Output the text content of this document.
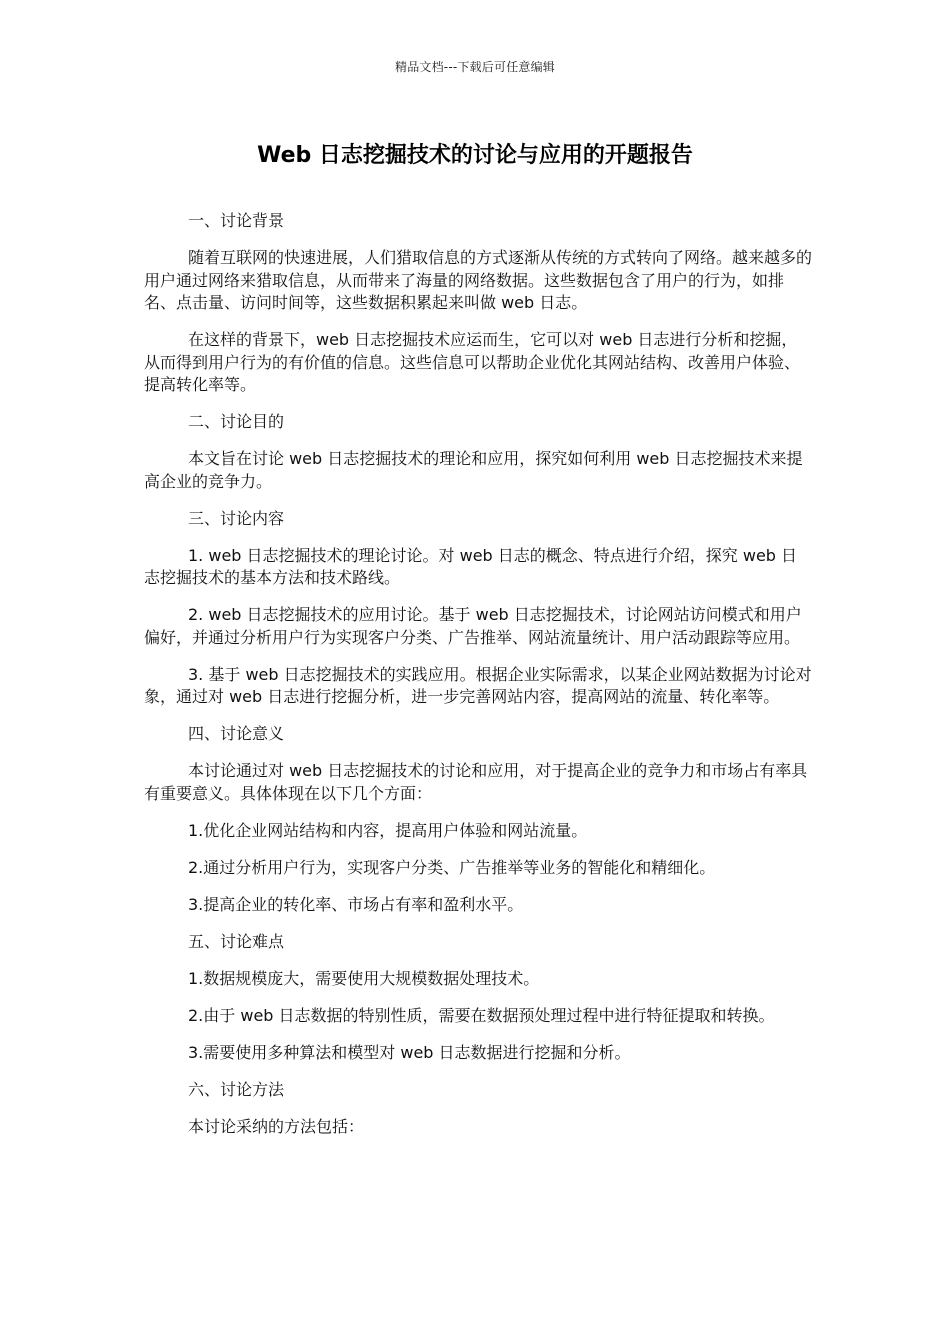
精品文档---下载后可任意编辑
Web 日志挖掘技术的讨论与应用的开题报告

一、讨论背景

随着互联网的快速进展，人们猎取信息的方式逐渐从传统的方式转向了网络。越来越多的用户通过网络来猎取信息，从而带来了海量的网络数据。这些数据包含了用户的行为，如排名、点击量、访问时间等，这些数据积累起来叫做 web 日志。

在这样的背景下，web 日志挖掘技术应运而生，它可以对 web 日志进行分析和挖掘，从而得到用户行为的有价值的信息。这些信息可以帮助企业优化其网站结构、改善用户体验、提高转化率等。

二、讨论目的

本文旨在讨论 web 日志挖掘技术的理论和应用，探究如何利用 web 日志挖掘技术来提高企业的竞争力。

三、讨论内容

1. web 日志挖掘技术的理论讨论。对 web 日志的概念、特点进行介绍，探究 web 日志挖掘技术的基本方法和技术路线。

2. web 日志挖掘技术的应用讨论。基于 web 日志挖掘技术，讨论网站访问模式和用户偏好，并通过分析用户行为实现客户分类、广告推举、网站流量统计、用户活动跟踪等应用。

3. 基于 web 日志挖掘技术的实践应用。根据企业实际需求，以某企业网站数据为讨论对象，通过对 web 日志进行挖掘分析，进一步完善网站内容，提高网站的流量、转化率等。

四、讨论意义

本讨论通过对 web 日志挖掘技术的讨论和应用，对于提高企业的竞争力和市场占有率具有重要意义。具体体现在以下几个方面：

1.优化企业网站结构和内容，提高用户体验和网站流量。

2.通过分析用户行为，实现客户分类、广告推举等业务的智能化和精细化。

3.提高企业的转化率、市场占有率和盈利水平。

五、讨论难点

1.数据规模庞大，需要使用大规模数据处理技术。

2.由于 web 日志数据的特别性质，需要在数据预处理过程中进行特征提取和转换。

3.需要使用多种算法和模型对 web 日志数据进行挖掘和分析。

六、讨论方法

本讨论采纳的方法包括：
